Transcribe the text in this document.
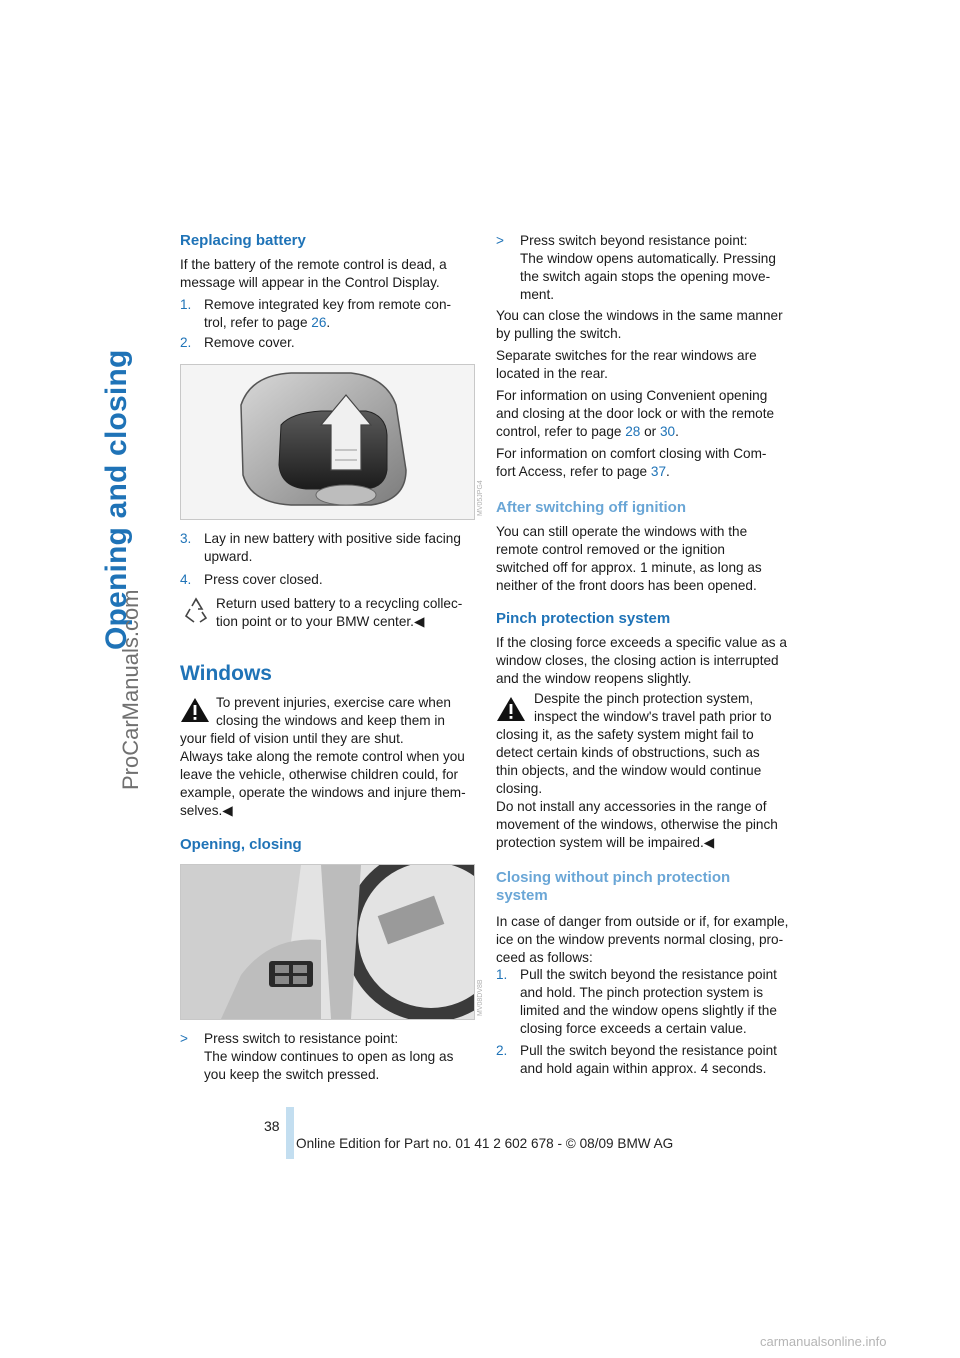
Opening and closing
ProCarManuals.com
Replacing battery

If the battery of the remote control is dead, a
message will appear in the Control Display.

1. Remove integrated key from remote con-
trol, refer to page 26.
2. Remove cover.
MV05JPG4
3. Lay in new battery with positive side facing
upward.
4. Press cover closed.
Return used battery to a recycling collec-
tion point or to your BMW center.◀
Windows
To prevent injuries, exercise care when
closing the windows and keep them in
your field of vision until they are shut.
Always take along the remote control when you
leave the vehicle, otherwise children could, for
example, operate the windows and injure them-
selves.◀
Opening, closing
MV08DV8B
> Press switch to resistance point:
The window continues to open as long as
you keep the switch pressed.
> Press switch beyond resistance point:
The window opens automatically. Pressing
the switch again stops the opening move-
ment.
You can close the windows in the same manner
by pulling the switch.
Separate switches for the rear windows are
located in the rear.
For information on using Convenient opening
and closing at the door lock or with the remote
control, refer to page 28 or 30.
For information on comfort closing with Com-
fort Access, refer to page 37.
After switching off ignition

You can still operate the windows with the
remote control removed or the ignition
switched off for approx. 1 minute, as long as
neither of the front doors has been opened.

Pinch protection system

If the closing force exceeds a specific value as a
window closes, the closing action is interrupted
and the window reopens slightly.

Despite the pinch protection system,
inspect the window's travel path prior to
closing it, as the safety system might fail to
detect certain kinds of obstructions, such as
thin objects, and the window would continue
closing.
Do not install any accessories in the range of
movement of the windows, otherwise the pinch
protection system will be impaired.◀
Closing without pinch protection
system

In case of danger from outside or if, for example,
ice on the window prevents normal closing, pro-
ceed as follows:

1. Pull the switch beyond the resistance point
and hold. The pinch protection system is
limited and the window opens slightly if the
closing force exceeds a certain value.
2. Pull the switch beyond the resistance point
and hold again within approx. 4 seconds.
38
Online Edition for Part no. 01 41 2 602 678 - © 08/09 BMW AG
carmanualsonline.info
